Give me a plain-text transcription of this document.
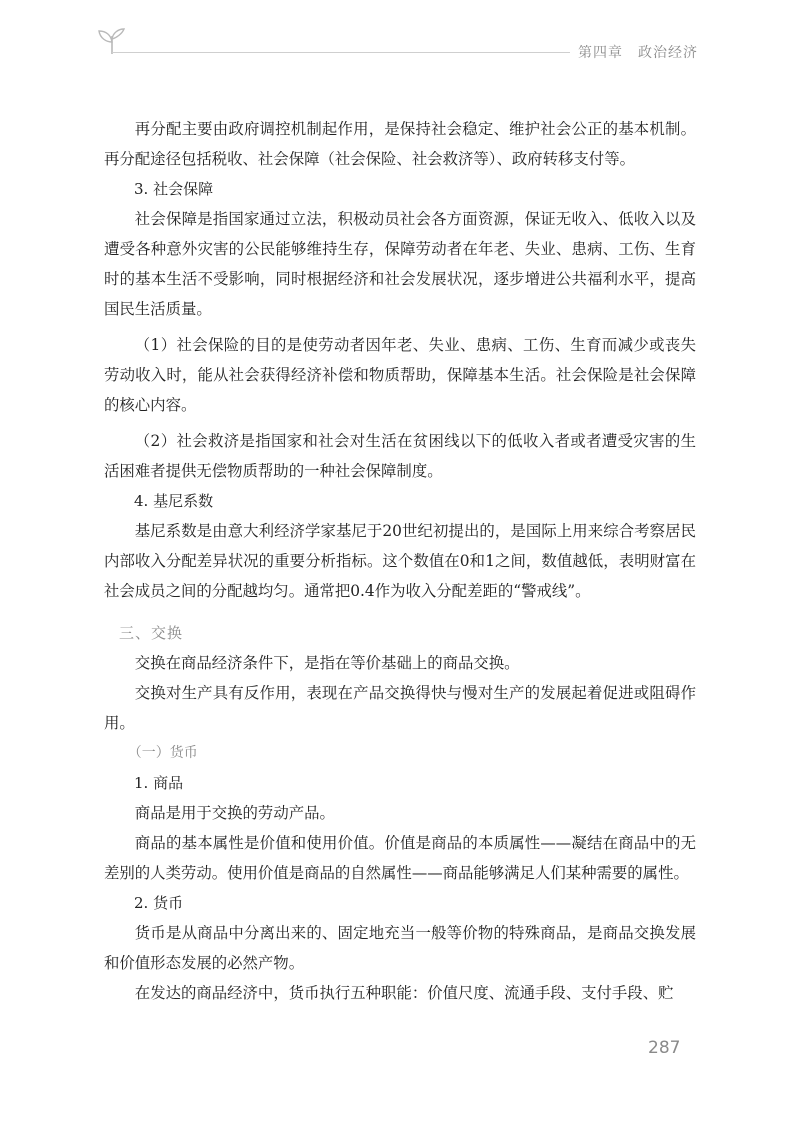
第四章　政治经济

再分配主要由政府调控机制起作用，是保持社会稳定、维护社会公正的基本机制。再分配途径包括税收、社会保障（社会保险、社会救济等）、政府转移支付等。

3. 社会保障

社会保障是指国家通过立法，积极动员社会各方面资源，保证无收入、低收入以及遭受各种意外灾害的公民能够维持生存，保障劳动者在年老、失业、患病、工伤、生育时的基本生活不受影响，同时根据经济和社会发展状况，逐步增进公共福利水平，提高国民生活质量。

（1）社会保险的目的是使劳动者因年老、失业、患病、工伤、生育而减少或丧失劳动收入时，能从社会获得经济补偿和物质帮助，保障基本生活。社会保险是社会保障的核心内容。

（2）社会救济是指国家和社会对生活在贫困线以下的低收入者或者遭受灾害的生活困难者提供无偿物质帮助的一种社会保障制度。

4. 基尼系数

基尼系数是由意大利经济学家基尼于20世纪初提出的，是国际上用来综合考察居民内部收入分配差异状况的重要分析指标。这个数值在0和1之间，数值越低，表明财富在社会成员之间的分配越均匀。通常把0.4作为收入分配差距的“警戒线”。

三、交换

交换在商品经济条件下，是指在等价基础上的商品交换。

交换对生产具有反作用，表现在产品交换得快与慢对生产的发展起着促进或阻碍作用。

（一）货币

1. 商品

商品是用于交换的劳动产品。

商品的基本属性是价值和使用价值。价值是商品的本质属性——凝结在商品中的无差别的人类劳动。使用价值是商品的自然属性——商品能够满足人们某种需要的属性。

2. 货币

货币是从商品中分离出来的、固定地充当一般等价物的特殊商品，是商品交换发展和价值形态发展的必然产物。

在发达的商品经济中，货币执行五种职能：价值尺度、流通手段、支付手段、贮

287
